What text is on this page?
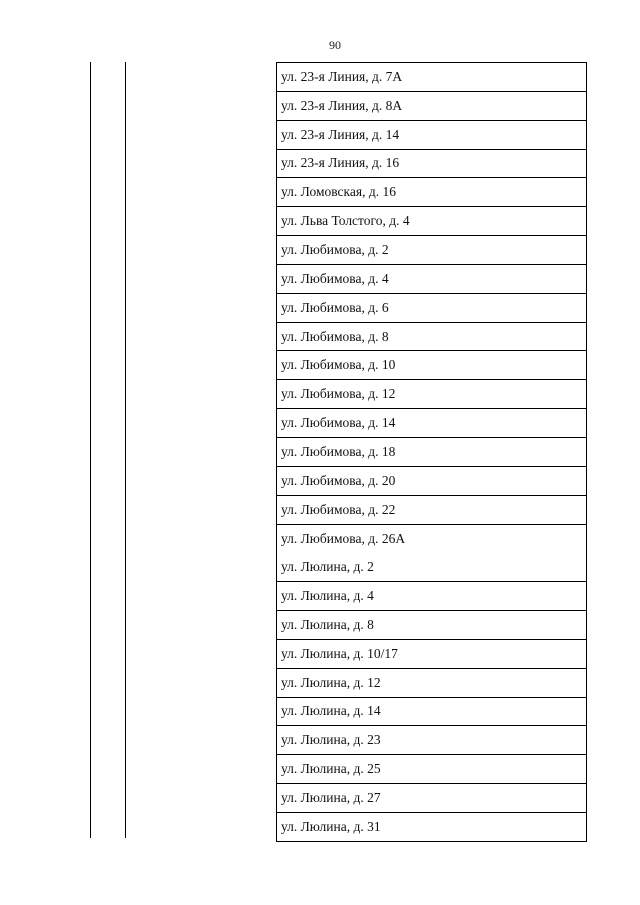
90
ул. 23-я Линия, д. 7А
ул. 23-я Линия, д. 8А
ул. 23-я Линия, д. 14
ул. 23-я Линия, д. 16
ул. Ломовская, д. 16
ул. Льва Толстого, д. 4
ул. Любимова, д. 2
ул. Любимова, д. 4
ул. Любимова, д. 6
ул. Любимова, д. 8
ул. Любимова, д. 10
ул. Любимова, д. 12
ул. Любимова, д. 14
ул. Любимова, д. 18
ул. Любимова, д. 20
ул. Любимова, д. 22
ул. Любимова, д. 26А
ул. Люлина, д. 2
ул. Люлина, д. 4
ул. Люлина, д. 8
ул. Люлина, д. 10/17
ул. Люлина, д. 12
ул. Люлина, д. 14
ул. Люлина, д. 23
ул. Люлина, д. 25
ул. Люлина, д. 27
ул. Люлина, д. 31
